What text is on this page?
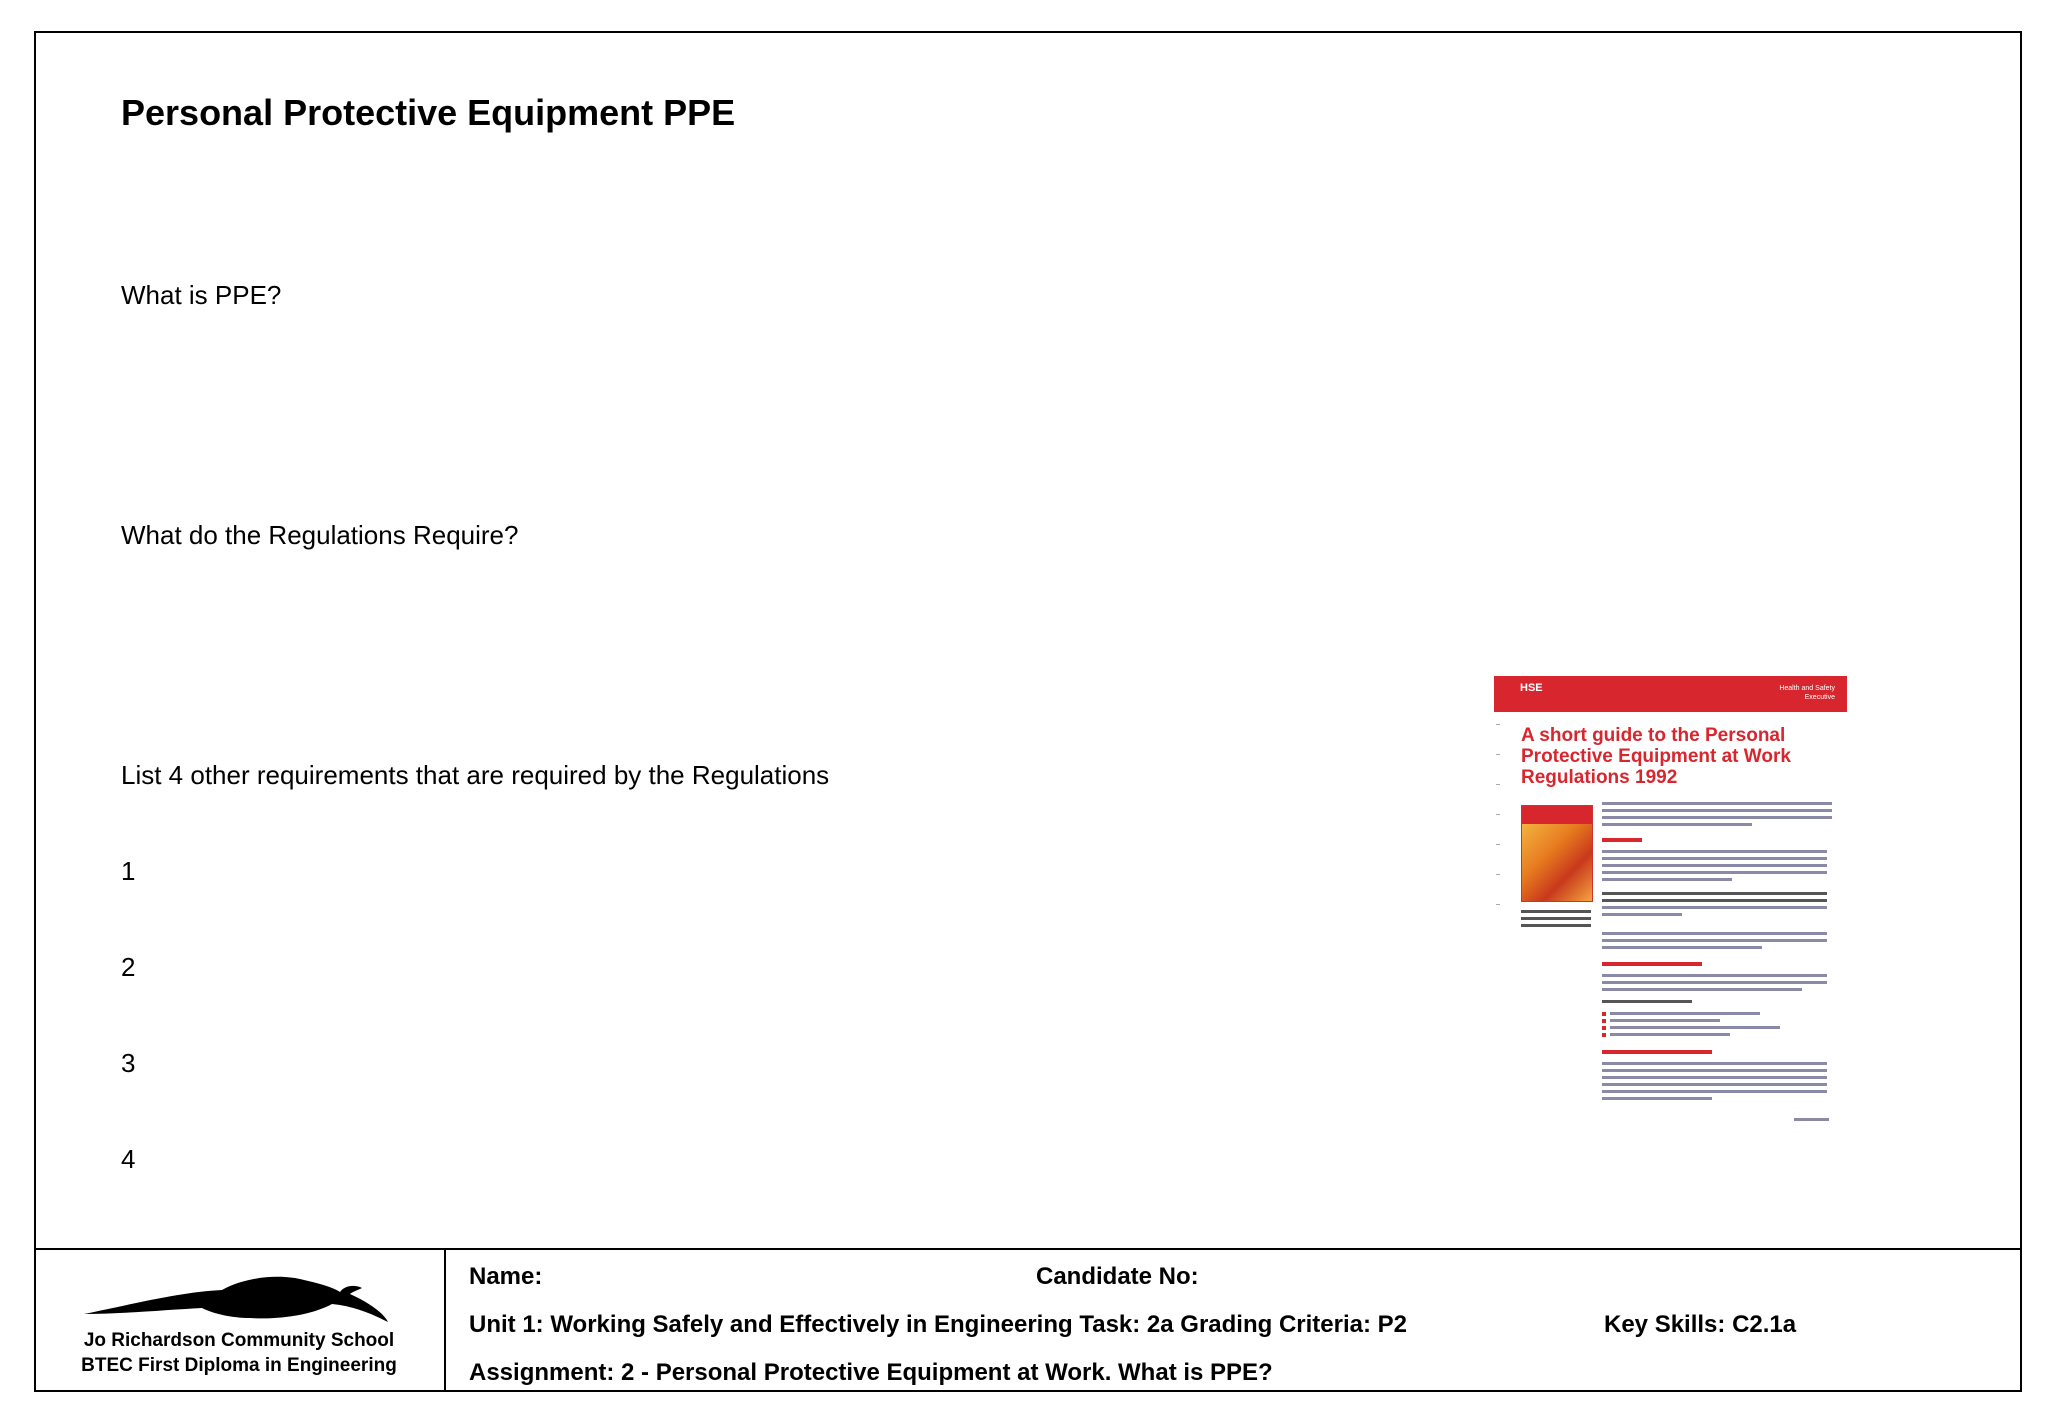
Personal Protective Equipment PPE

What is PPE?

What do the Regulations Require?

List 4 other requirements that are required by the Regulations

1

2

3

4

HSE	Health and Safety Executive
A short guide to the Personal Protective Equipment at Work Regulations 1992
Jo Richardson Community School
BTEC First Diploma in Engineering

Name:	Candidate No:

Unit 1: Working Safely and Effectively in Engineering Task: 2a Grading Criteria: P2	Key Skills: C2.1a

Assignment: 2 - Personal Protective Equipment at Work. What is PPE?
